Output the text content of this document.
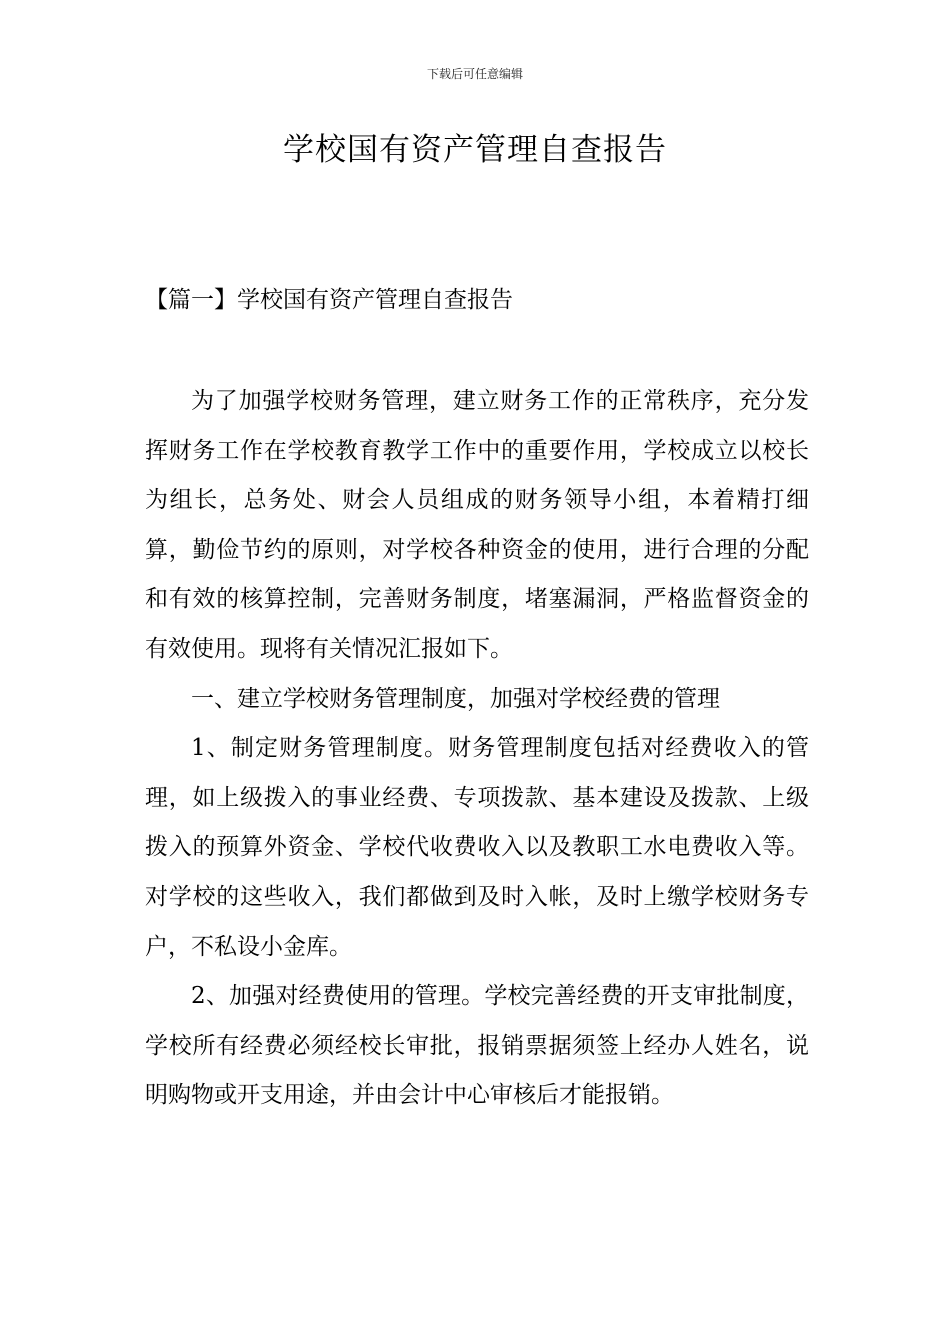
下载后可任意编辑
学校国有资产管理自查报告
【篇一】学校国有资产管理自查报告

为了加强学校财务管理，建立财务工作的正常秩序，充分发挥财务工作在学校教育教学工作中的重要作用，学校成立以校长为组长，总务处、财会人员组成的财务领导小组，本着精打细算，勤俭节约的原则，对学校各种资金的使用，进行合理的分配和有效的核算控制，完善财务制度，堵塞漏洞，严格监督资金的有效使用。现将有关情况汇报如下。

一、建立学校财务管理制度，加强对学校经费的管理

1、制定财务管理制度。财务管理制度包括对经费收入的管理，如上级拨入的事业经费、专项拨款、基本建设及拨款、上级拨入的预算外资金、学校代收费收入以及教职工水电费收入等。对学校的这些收入，我们都做到及时入帐，及时上缴学校财务专户，不私设小金库。

2、加强对经费使用的管理。学校完善经费的开支审批制度，学校所有经费必须经校长审批，报销票据须签上经办人姓名，说明购物或开支用途，并由会计中心审核后才能报销。
